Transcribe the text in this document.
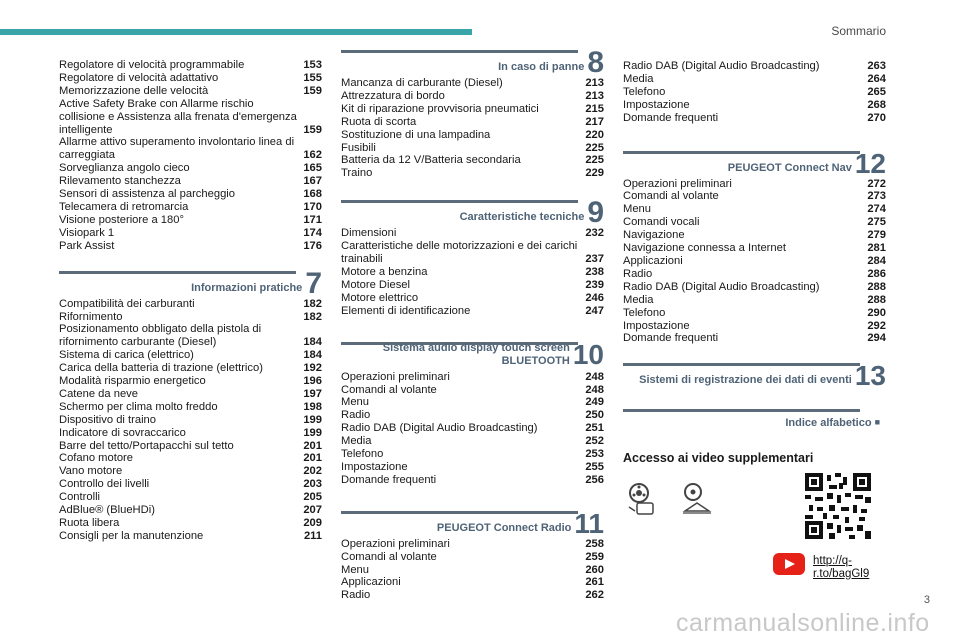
Sommario
Regolatore di velocità programmabile	153
Regolatore di velocità adattativo	155
Memorizzazione delle velocità	159
Active Safety Brake con Allarme rischio collisione e Assistenza alla frenata d'emergenza intelligente	159
Allarme attivo superamento involontario linea di carreggiata	162
Sorveglianza angolo cieco	165
Rilevamento stanchezza	167
Sensori di assistenza al parcheggio	168
Telecamera di retromarcia	170
Visione posteriore a 180°	171
Visiopark 1	174
Park Assist	176
Informazioni pratiche 7
Compatibilità dei carburanti	182
Rifornimento	182
Posizionamento obbligato della pistola di rifornimento carburante (Diesel)	184
Sistema di carica (elettrico)	184
Carica della batteria di trazione (elettrico)	192
Modalità risparmio energetico	196
Catene da neve	197
Schermo per clima molto freddo	198
Dispositivo di traino	199
Indicatore di sovraccarico	199
Barre del tetto/Portapacchi sul tetto	201
Cofano motore	201
Vano motore	202
Controllo dei livelli	203
Controlli	205
AdBlue® (BlueHDi)	207
Ruota libera	209
Consigli per la manutenzione	211
In caso di panne 8
Mancanza di carburante (Diesel)	213
Attrezzatura di bordo	213
Kit di riparazione provvisoria pneumatici	215
Ruota di scorta	217
Sostituzione di una lampadina	220
Fusibili	225
Batteria da 12 V/Batteria secondaria	225
Traino	229
Caratteristiche tecniche 9
Dimensioni	232
Caratteristiche delle motorizzazioni e dei carichi trainabili	237
Motore a benzina	238
Motore Diesel	239
Motore elettrico	246
Elementi di identificazione	247
Sistema audio display touch screen
BLUETOOTH 10
Operazioni preliminari	248
Comandi al volante	248
Menu	249
Radio	250
Radio DAB (Digital Audio Broadcasting)	251
Media	252
Telefono	253
Impostazione	255
Domande frequenti	256
PEUGEOT Connect Radio 11
Operazioni preliminari	258
Comandi al volante	259
Menu	260
Applicazioni	261
Radio	262
Radio DAB (Digital Audio Broadcasting)	263
Media	264
Telefono	265
Impostazione	268
Domande frequenti	270
PEUGEOT Connect Nav 12
Operazioni preliminari	272
Comandi al volante	273
Menu	274
Comandi vocali	275
Navigazione	279
Navigazione connessa a Internet	281
Applicazioni	284
Radio	286
Radio DAB (Digital Audio Broadcasting)	288
Media	288
Telefono	290
Impostazione	292
Domande frequenti	294
Sistemi di registrazione dei dati di eventi 13
Indice alfabetico ■
Accesso ai video supplementari
http://q-r.to/bagGl9
3
carmanualsonline.info
